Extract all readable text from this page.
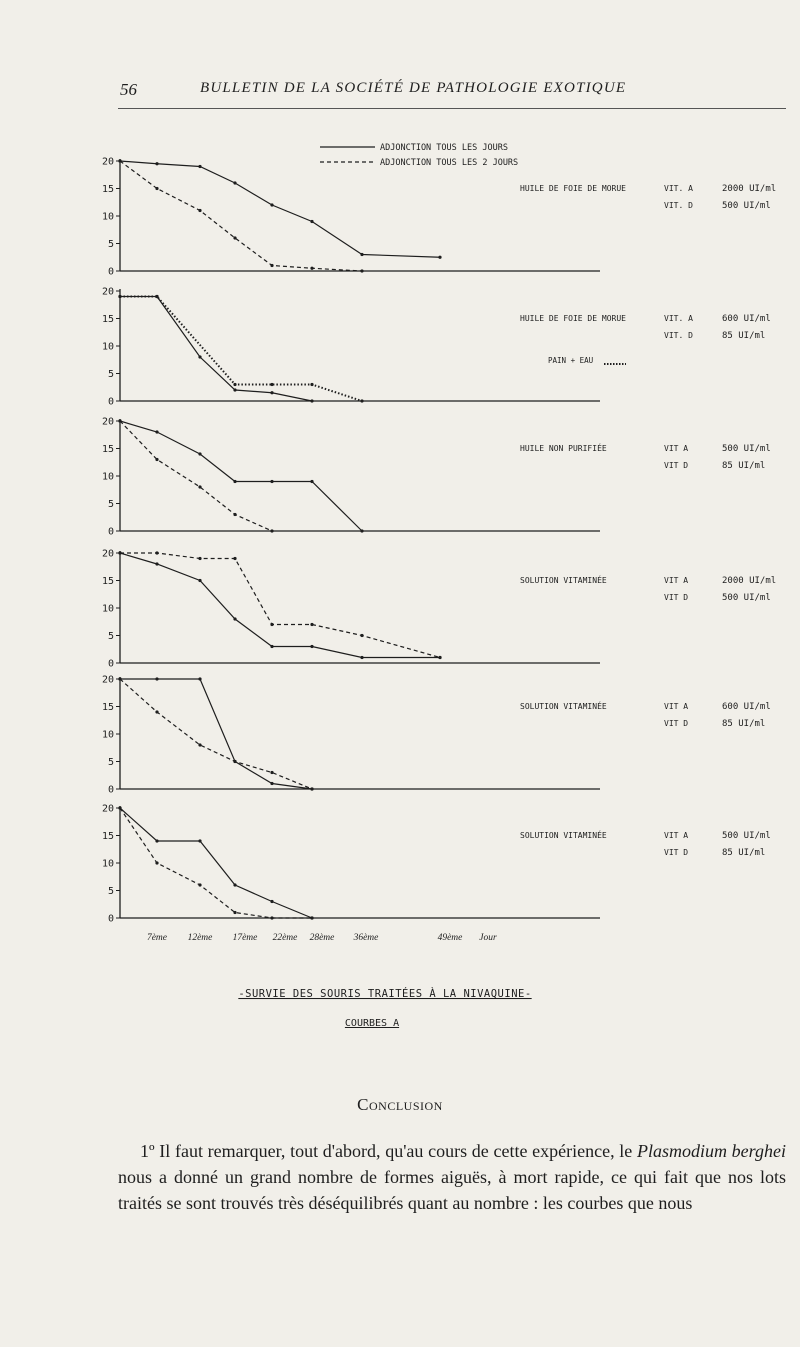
56	BULLETIN DE LA SOCIÉTÉ DE PATHOLOGIE EXOTIQUE
ADJONCTION TOUS LES JOURS
ADJONCTION TOUS LES 2 JOURS
0
5
10
15
20
HUILE DE FOIE DE MORUE	VIT. A	2000 UI/ml
VIT. D	500 UI/ml
0
5
10
15
20
HUILE DE FOIE DE MORUE	VIT. A	600 UI/ml
VIT. D	85 UI/ml
PAIN + EAU
0
5
10
15
20
HUILE NON PURIFIÉE	VIT A	500 UI/ml
VIT D	85 UI/ml
0
5
10
15
20
SOLUTION VITAMINÉE	VIT A	2000 UI/ml
VIT D	500 UI/ml
0
5
10
15
20
SOLUTION VITAMINÉE	VIT A	600 UI/ml
VIT D	85 UI/ml
0
5
10
15
20
SOLUTION VITAMINÉE	VIT A	500 UI/ml
VIT D	85 UI/ml
7ème 12ème 17ème 22ème 28ème 36ème	49ème Jour
-SURVIE DES SOURIS TRAITÉES À LA NIVAQUINE-
COURBES A
Conclusion

1º Il faut remarquer, tout d'abord, qu'au cours de cette expérience, le Plasmodium berghei nous a donné un grand nombre de formes aiguës, à mort rapide, ce qui fait que nos lots traités se sont trouvés très déséquilibrés quant au nombre : les courbes que nous
